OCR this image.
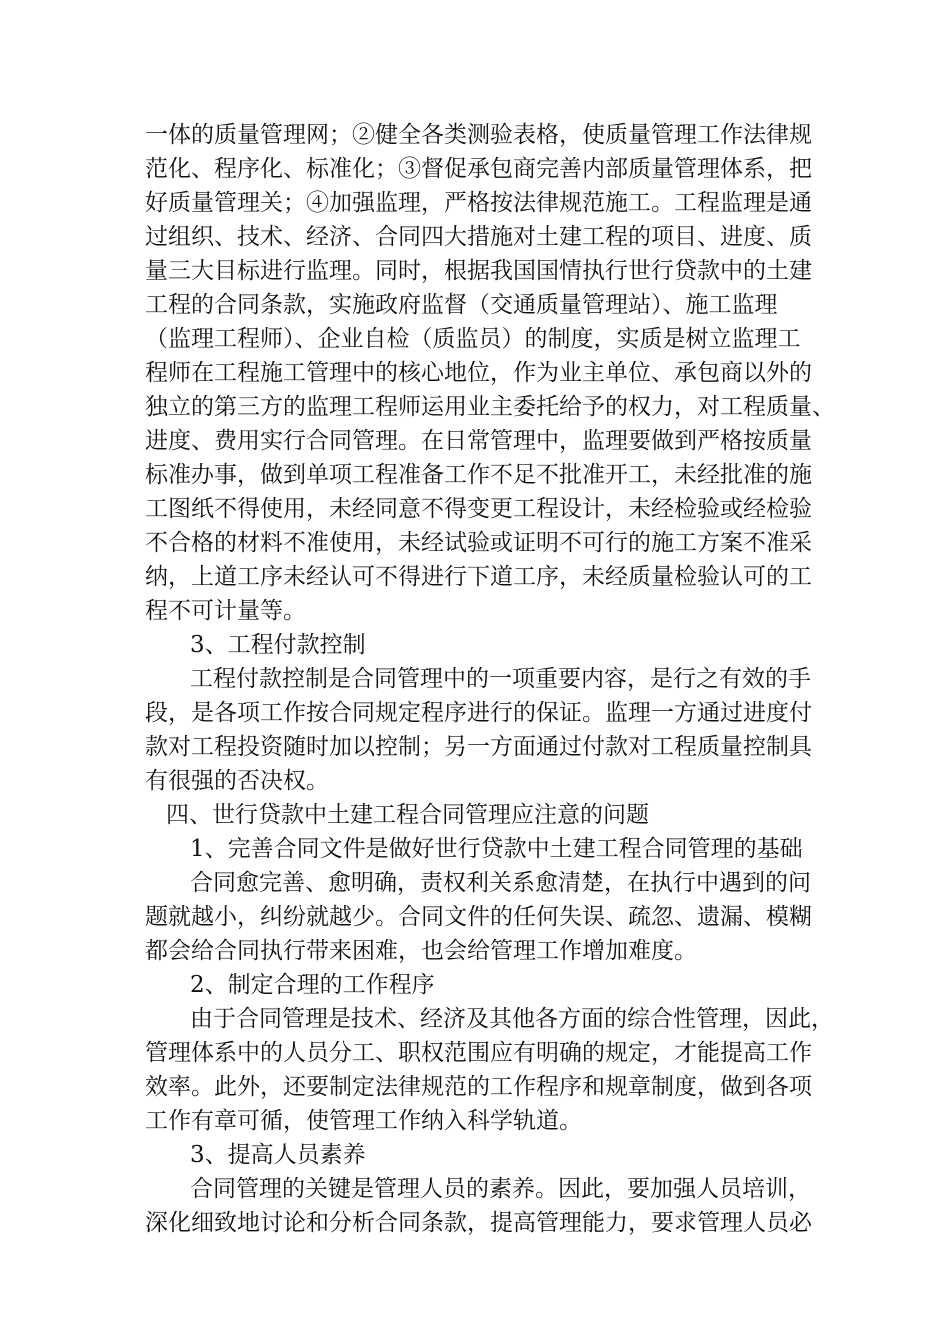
一体的质量管理网；②健全各类测验表格，使质量管理工作法律规
范化、程序化、标准化；③督促承包商完善内部质量管理体系，把
好质量管理关；④加强监理，严格按法律规范施工。工程监理是通
过组织、技术、经济、合同四大措施对土建工程的项目、进度、质
量三大目标进行监理。同时，根据我国国情执行世行贷款中的土建
工程的合同条款，实施政府监督（交通质量管理站）、施工监理
（监理工程师）、企业自检（质监员）的制度，实质是树立监理工
程师在工程施工管理中的核心地位，作为业主单位、承包商以外的
独立的第三方的监理工程师运用业主委托给予的权力，对工程质量、
进度、费用实行合同管理。在日常管理中，监理要做到严格按质量
标准办事，做到单项工程准备工作不足不批准开工，未经批准的施
工图纸不得使用，未经同意不得变更工程设计，未经检验或经检验
不合格的材料不准使用，未经试验或证明不可行的施工方案不准采
纳，上道工序未经认可不得进行下道工序，未经质量检验认可的工
程不可计量等。
3、工程付款控制
工程付款控制是合同管理中的一项重要内容，是行之有效的手
段，是各项工作按合同规定程序进行的保证。监理一方通过进度付
款对工程投资随时加以控制；另一方面通过付款对工程质量控制具
有很强的否决权。
四、世行贷款中土建工程合同管理应注意的问题
1、完善合同文件是做好世行贷款中土建工程合同管理的基础
合同愈完善、愈明确，责权利关系愈清楚，在执行中遇到的问
题就越小，纠纷就越少。合同文件的任何失误、疏忽、遗漏、模糊
都会给合同执行带来困难，也会给管理工作增加难度。
2、制定合理的工作程序
由于合同管理是技术、经济及其他各方面的综合性管理，因此，
管理体系中的人员分工、职权范围应有明确的规定，才能提高工作
效率。此外，还要制定法律规范的工作程序和规章制度，做到各项
工作有章可循，使管理工作纳入科学轨道。
3、提高人员素养
合同管理的关键是管理人员的素养。因此，要加强人员培训，
深化细致地讨论和分析合同条款，提高管理能力，要求管理人员必
